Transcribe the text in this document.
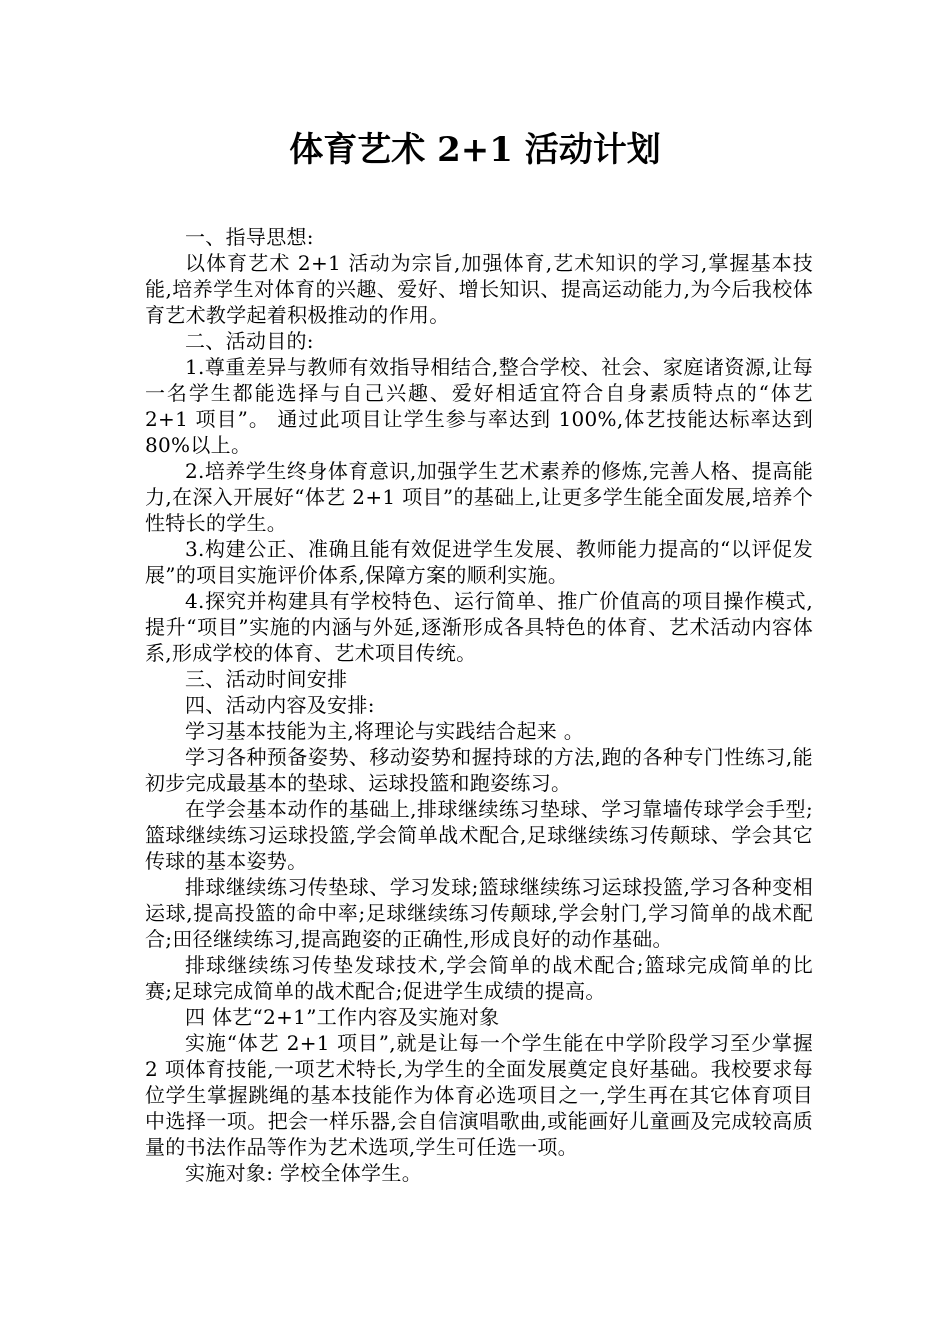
体育艺术 2+1 活动计划

一、指导思想:

以体育艺术 2+1 活动为宗旨,加强体育,艺术知识的学习,掌握基本技能,培养学生对体育的兴趣、爱好、增长知识、提高运动能力,为今后我校体育艺术教学起着积极推动的作用。

二、活动目的:

1.尊重差异与教师有效指导相结合,整合学校、社会、家庭诸资源,让每一名学生都能选择与自己兴趣、爱好相适宜符合自身素质特点的“体艺 2+1 项目”。 通过此项目让学生参与率达到 100%,体艺技能达标率达到 80%以上。

2.培养学生终身体育意识,加强学生艺术素养的修炼,完善人格、提高能力,在深入开展好“体艺 2+1 项目”的基础上,让更多学生能全面发展,培养个性特长的学生。

3.构建公正、准确且能有效促进学生发展、教师能力提高的“以评促发展”的项目实施评价体系,保障方案的顺利实施。

4.探究并构建具有学校特色、运行简单、推广价值高的项目操作模式,提升“项目”实施的内涵与外延,逐渐形成各具特色的体育、艺术活动内容体系,形成学校的体育、艺术项目传统。

三、活动时间安排

四、活动内容及安排:

学习基本技能为主,将理论与实践结合起来 。

学习各种预备姿势、移动姿势和握持球的方法,跑的各种专门性练习,能初步完成最基本的垫球、运球投篮和跑姿练习。

在学会基本动作的基础上,排球继续练习垫球、学习靠墙传球学会手型;篮球继续练习运球投篮,学会简单战术配合,足球继续练习传颠球、学会其它传球的基本姿势。

排球继续练习传垫球、学习发球;篮球继续练习运球投篮,学习各种变相运球,提高投篮的命中率;足球继续练习传颠球,学会射门,学习简单的战术配合;田径继续练习,提高跑姿的正确性,形成良好的动作基础。

排球继续练习传垫发球技术,学会简单的战术配合;篮球完成简单的比赛;足球完成简单的战术配合;促进学生成绩的提高。

四 体艺“2+1”工作内容及实施对象

实施“体艺 2+1 项目”,就是让每一个学生能在中学阶段学习至少掌握 2 项体育技能,一项艺术特长,为学生的全面发展奠定良好基础。我校要求每位学生掌握跳绳的基本技能作为体育必选项目之一,学生再在其它体育项目中选择一项。把会一样乐器,会自信演唱歌曲,或能画好儿童画及完成较高质量的书法作品等作为艺术选项,学生可任选一项。

实施对象: 学校全体学生。
